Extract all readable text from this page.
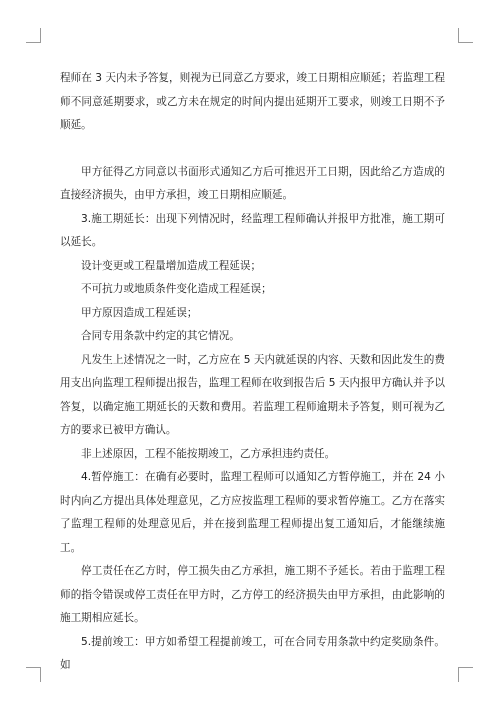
程师在 3 天内未予答复，则视为已同意乙方要求，竣工日期相应顺延；若监理工程师不同意延期要求，或乙方未在规定的时间内提出延期开工要求，则竣工日期不予顺延。

甲方征得乙方同意以书面形式通知乙方后可推迟开工日期，因此给乙方造成的直接经济损失，由甲方承担，竣工日期相应顺延。

3.施工期延长：出现下列情况时，经监理工程师确认并报甲方批准，施工期可以延长。

设计变更或工程量增加造成工程延误；

不可抗力或地质条件变化造成工程延误；

甲方原因造成工程延误；

合同专用条款中约定的其它情况。

凡发生上述情况之一时，乙方应在 5 天内就延误的内容、天数和因此发生的费用支出向监理工程师提出报告，监理工程师在收到报告后 5 天内报甲方确认并予以答复，以确定施工期延长的天数和费用。若监理工程师逾期未予答复，则可视为乙方的要求已被甲方确认。

非上述原因，工程不能按期竣工，乙方承担违约责任。

4.暂停施工：在确有必要时，监理工程师可以通知乙方暂停施工，并在 24 小时内向乙方提出具体处理意见，乙方应按监理工程师的要求暂停施工。乙方在落实了监理工程师的处理意见后，并在接到监理工程师提出复工通知后，才能继续施工。

停工责任在乙方时，停工损失由乙方承担，施工期不予延长。若由于监理工程师的指令错误或停工责任在甲方时，乙方停工的经济损失由甲方承担，由此影响的施工期相应延长。

5.提前竣工：甲方如希望工程提前竣工，可在合同专用条款中约定奖励条件。如
